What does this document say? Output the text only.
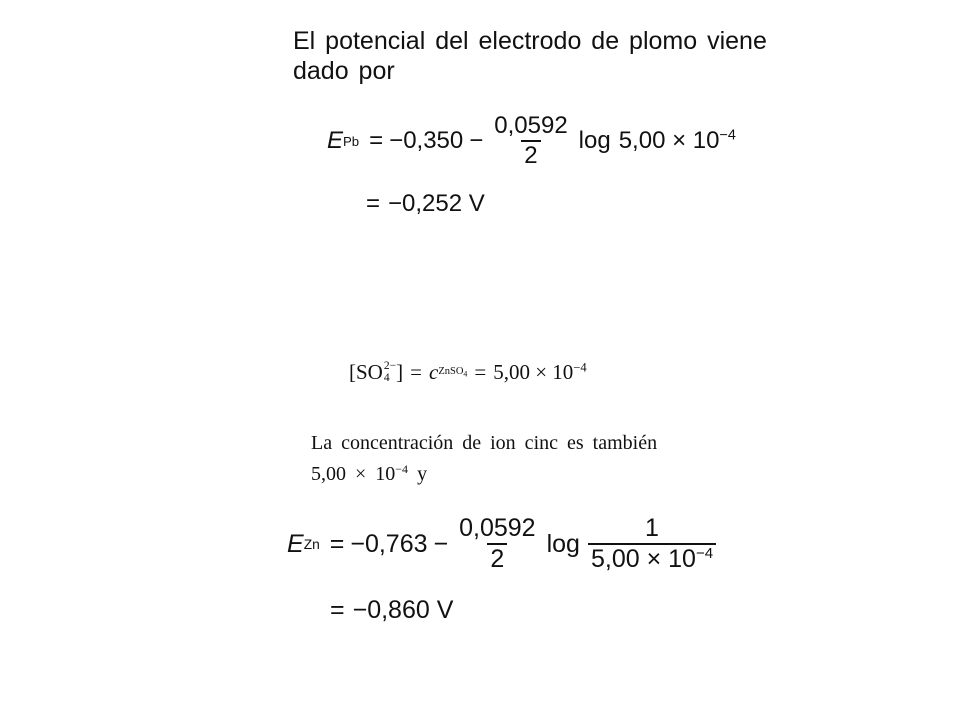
El potencial del electrodo de plomo viene
dado por
E $Pb = -0,350 - \frac{0,0592}{2}$ $\log 5,00 \times 10^{-4}$
= −0,252 V
[SO 2−
4 ] = c ZnSO$_4$ = $5,00 \times 10^{-4}$
La concentración de ion cinc es también
$5,00 \times 10^{-4}$ y
E $Zn = -0,763 - \frac{0,0592}{2}$ $\log \frac{1}{5,00 \times 10^{-4}}$
= −0,860 V
